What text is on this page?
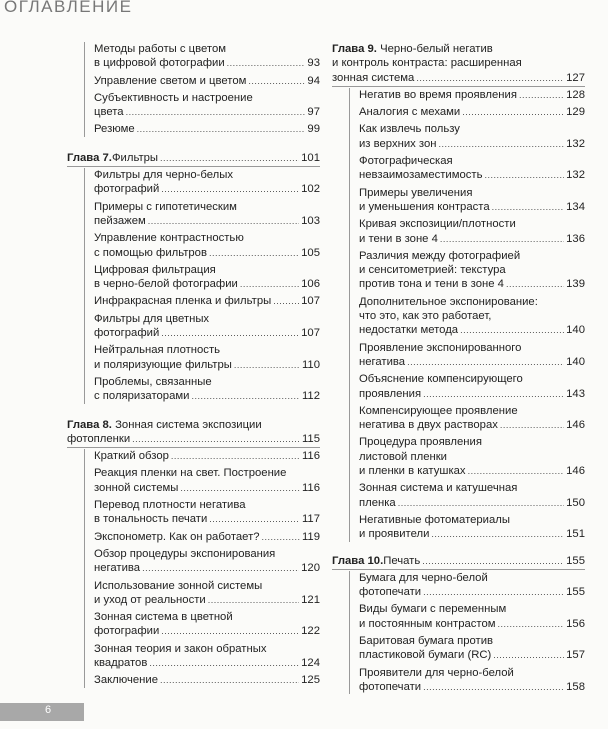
ОГЛАВЛЕНИЕ
Методы работы с цветом
в цифровой фотографии . . .	93
Управление светом и цветом . . .	94
Субъективность и настроение
цвета . . .	97
Резюме . . .	99
Глава 7. Фильтры . . .	101
Фильтры для черно-белых
фотографий . . .	102
Примеры с гипотетическим
пейзажем . . .	103
Управление контрастностью
с помощью фильтров . . .	105
Цифровая фильтрация
в черно-белой фотографии . . .	106
Инфракрасная пленка и фильтры . . .	107
Фильтры для цветных
фотографий . . .	107
Нейтральная плотность
и поляризующие фильтры . . .	110
Проблемы, связанные
с поляризаторами . . .	112
Глава 8. Зонная система экспозиции
фотопленки . . .	115
Краткий обзор . . .	116
Реакция пленки на свет. Построение
зонной системы . . .	116
Перевод плотности негатива
в тональность печати . . .	117
Экспонометр. Как он работает? . . .	119
Обзор процедуры экспонирования
негатива . . .	120
Использование зонной системы
и уход от реальности . . .	121
Зонная система в цветной
фотографии . . .	122
Зонная теория и закон обратных
квадратов . . .	124
Заключение . . .	125
Глава 9. Черно-белый негатив
и контроль контраста: расширенная
зонная система . . .	127
Негатив во время проявления . . .	128
Аналогия с мехами . . .	129
Как извлечь пользу
из верхних зон . . .	132
Фотографическая
невзаимозаместимость . . .	132
Примеры увеличения
и уменьшения контраста . . .	134
Кривая экспозиции/плотности
и тени в зоне 4 . . .	136
Различия между фотографией
и сенситометрией: текстура
против тона и тени в зоне 4 . . .	139
Дополнительное экспонирование:
что это, как это работает,
недостатки метода . . .	140
Проявление экспонированного
негатива . . .	140
Объяснение компенсирующего
проявления . . .	143
Компенсирующее проявление
негатива в двух растворах . . .	146
Процедура проявления
листовой пленки
и пленки в катушках . . .	146
Зонная система и катушечная
пленка . . .	150
Негативные фотоматериалы
и проявители . . .	151
Глава 10. Печать . . .	155
Бумага для черно-белой
фотопечати . . .	155
Виды бумаги с переменным
и постоянным контрастом . . .	156
Баритовая бумага против
пластиковой бумаги (RC) . . .	157
Проявители для черно-белой
фотопечати . . .	158
6
